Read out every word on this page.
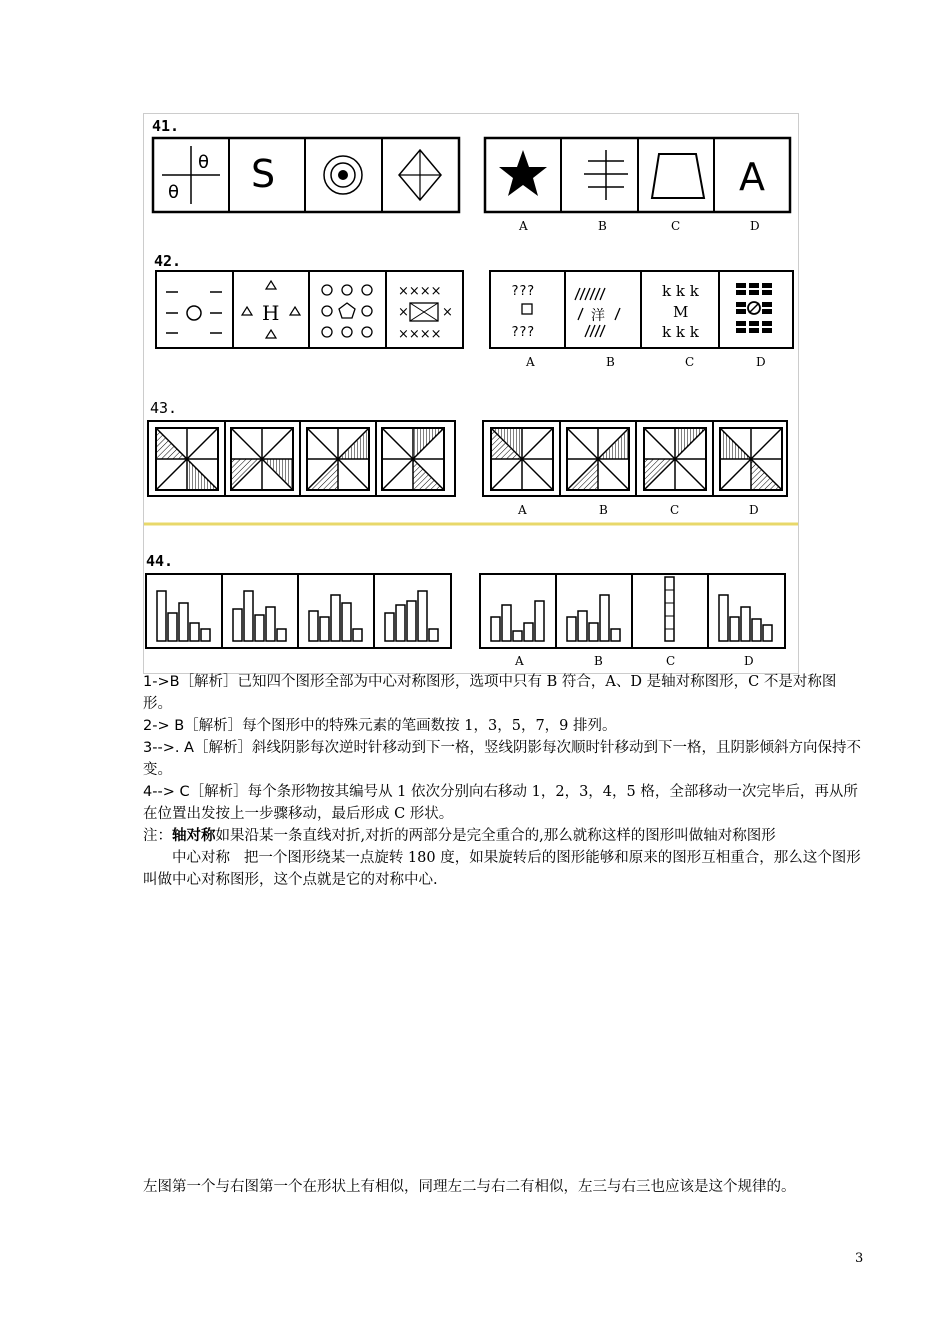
41.
θ
θ S	A
A	B	C	D
42.
H
××××
×	×
××××
???
???
洋
k k k
M
k k k
A	B	C	D
43.
A	B	C	D
44.
A	B	C	D

1->B［解析］已知四个图形全部为中心对称图形，选项中只有 B 符合，A、D 是轴对称图形，C 不是对称图形。

2-> B［解析］每个图形中的特殊元素的笔画数按 1，3，5，7，9 排列。

3-->. A［解析］斜线阴影每次逆时针移动到下一格，竖线阴影每次顺时针移动到下一格，且阴影倾斜方向保持不变。

4--> C［解析］每个条形物按其编号从 1 依次分别向右移动 1，2，3，4，5 格，全部移动一次完毕后，再从所在位置出发按上一步骤移动，最后形成 C 形状。

注：轴对称如果沿某一条直线对折,对折的两部分是完全重合的,那么就称这样的图形叫做轴对称图形

中心对称 把一个图形绕某一点旋转 180 度，如果旋转后的图形能够和原来的图形互相重合，那么这个图形叫做中心对称图形，这个点就是它的对称中心.

左图第一个与右图第一个在形状上有相似，同理左二与右二有相似，左三与右三也应该是这个规律的。

3
